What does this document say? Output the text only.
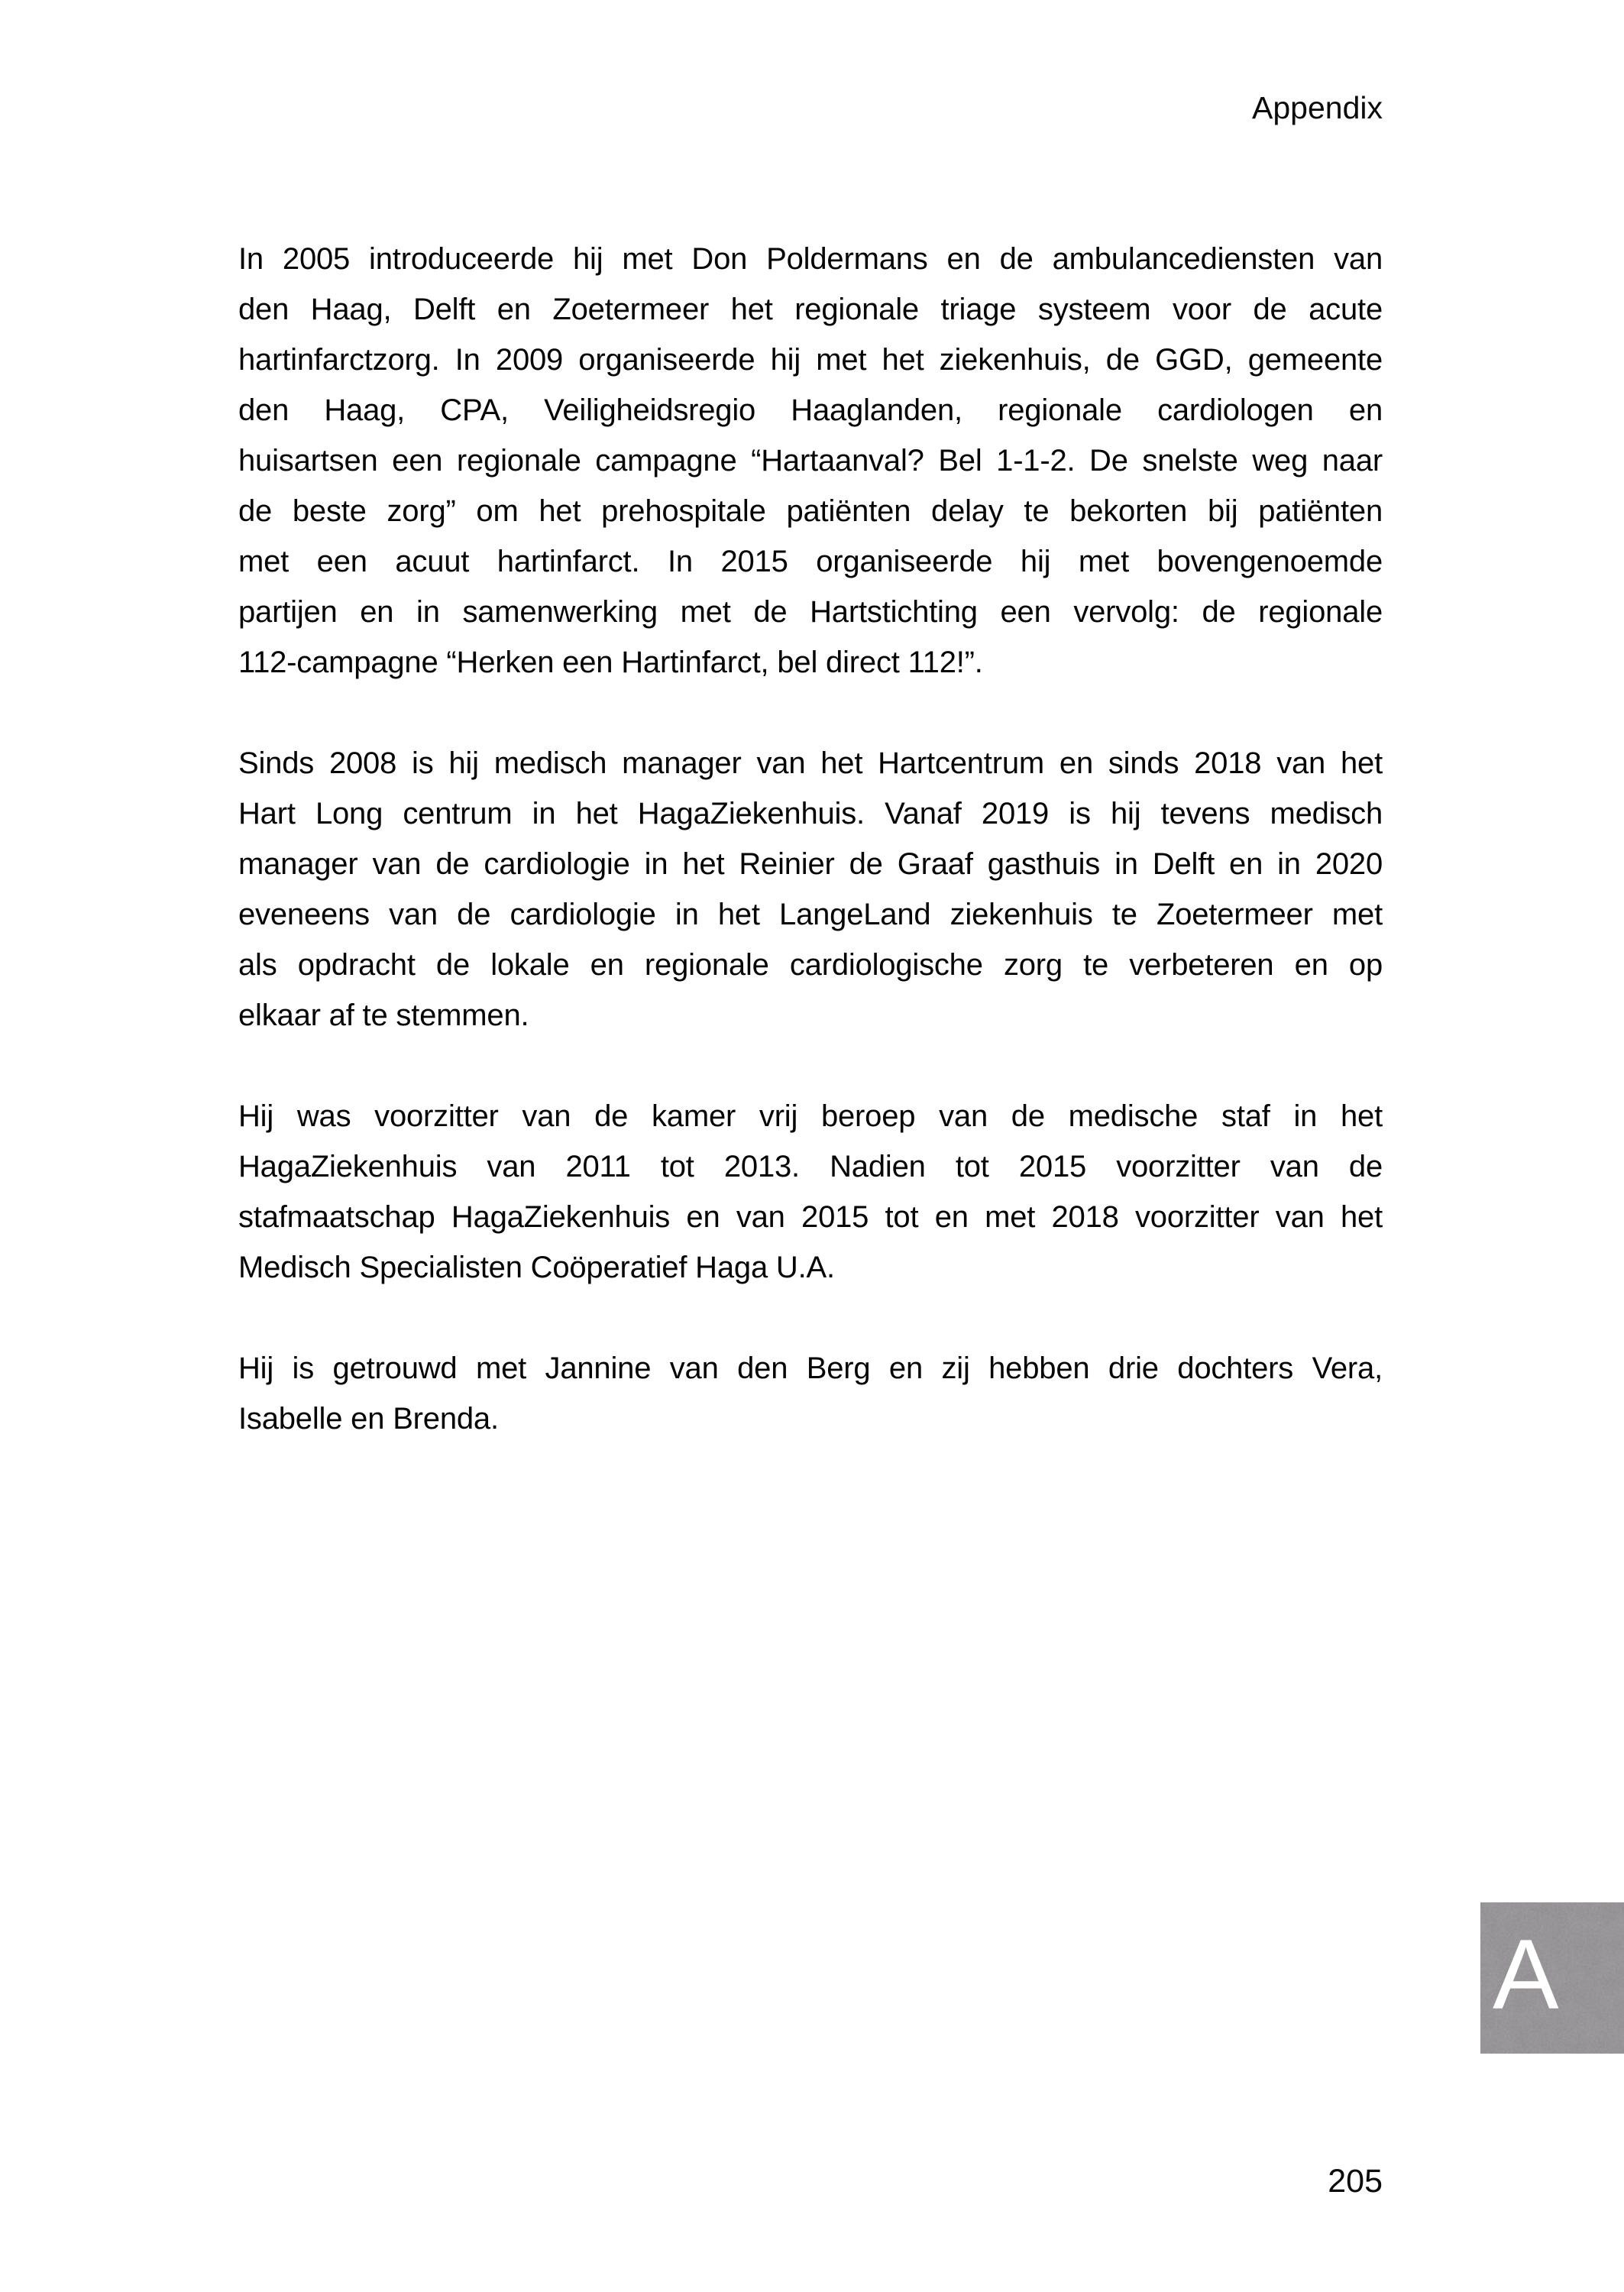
Appendix
In 2005 introduceerde hij met Don Poldermans en de ambulancediensten van
den Haag, Delft en Zoetermeer het regionale triage systeem voor de acute
hartinfarctzorg. In 2009 organiseerde hij met het ziekenhuis, de GGD, gemeente
den Haag, CPA, Veiligheidsregio Haaglanden, regionale cardiologen en
huisartsen een regionale campagne “Hartaanval? Bel 1-1-2. De snelste weg naar
de beste zorg” om het prehospitale patiënten delay te bekorten bij patiënten
met een acuut hartinfarct. In 2015 organiseerde hij met bovengenoemde
partijen en in samenwerking met de Hartstichting een vervolg: de regionale
112-campagne “Herken een Hartinfarct, bel direct 112!”.
Sinds 2008 is hij medisch manager van het Hartcentrum en sinds 2018 van het
Hart Long centrum in het HagaZiekenhuis. Vanaf 2019 is hij tevens medisch
manager van de cardiologie in het Reinier de Graaf gasthuis in Delft en in 2020
eveneens van de cardiologie in het LangeLand ziekenhuis te Zoetermeer met
als opdracht de lokale en regionale cardiologische zorg te verbeteren en op
elkaar af te stemmen.
Hij was voorzitter van de kamer vrij beroep van de medische staf in het
HagaZiekenhuis van 2011 tot 2013. Nadien tot 2015 voorzitter van de
stafmaatschap HagaZiekenhuis en van 2015 tot en met 2018 voorzitter van het
Medisch Specialisten Coöperatief Haga U.A.
Hij is getrouwd met Jannine van den Berg en zij hebben drie dochters Vera,
Isabelle en Brenda.
A
205
